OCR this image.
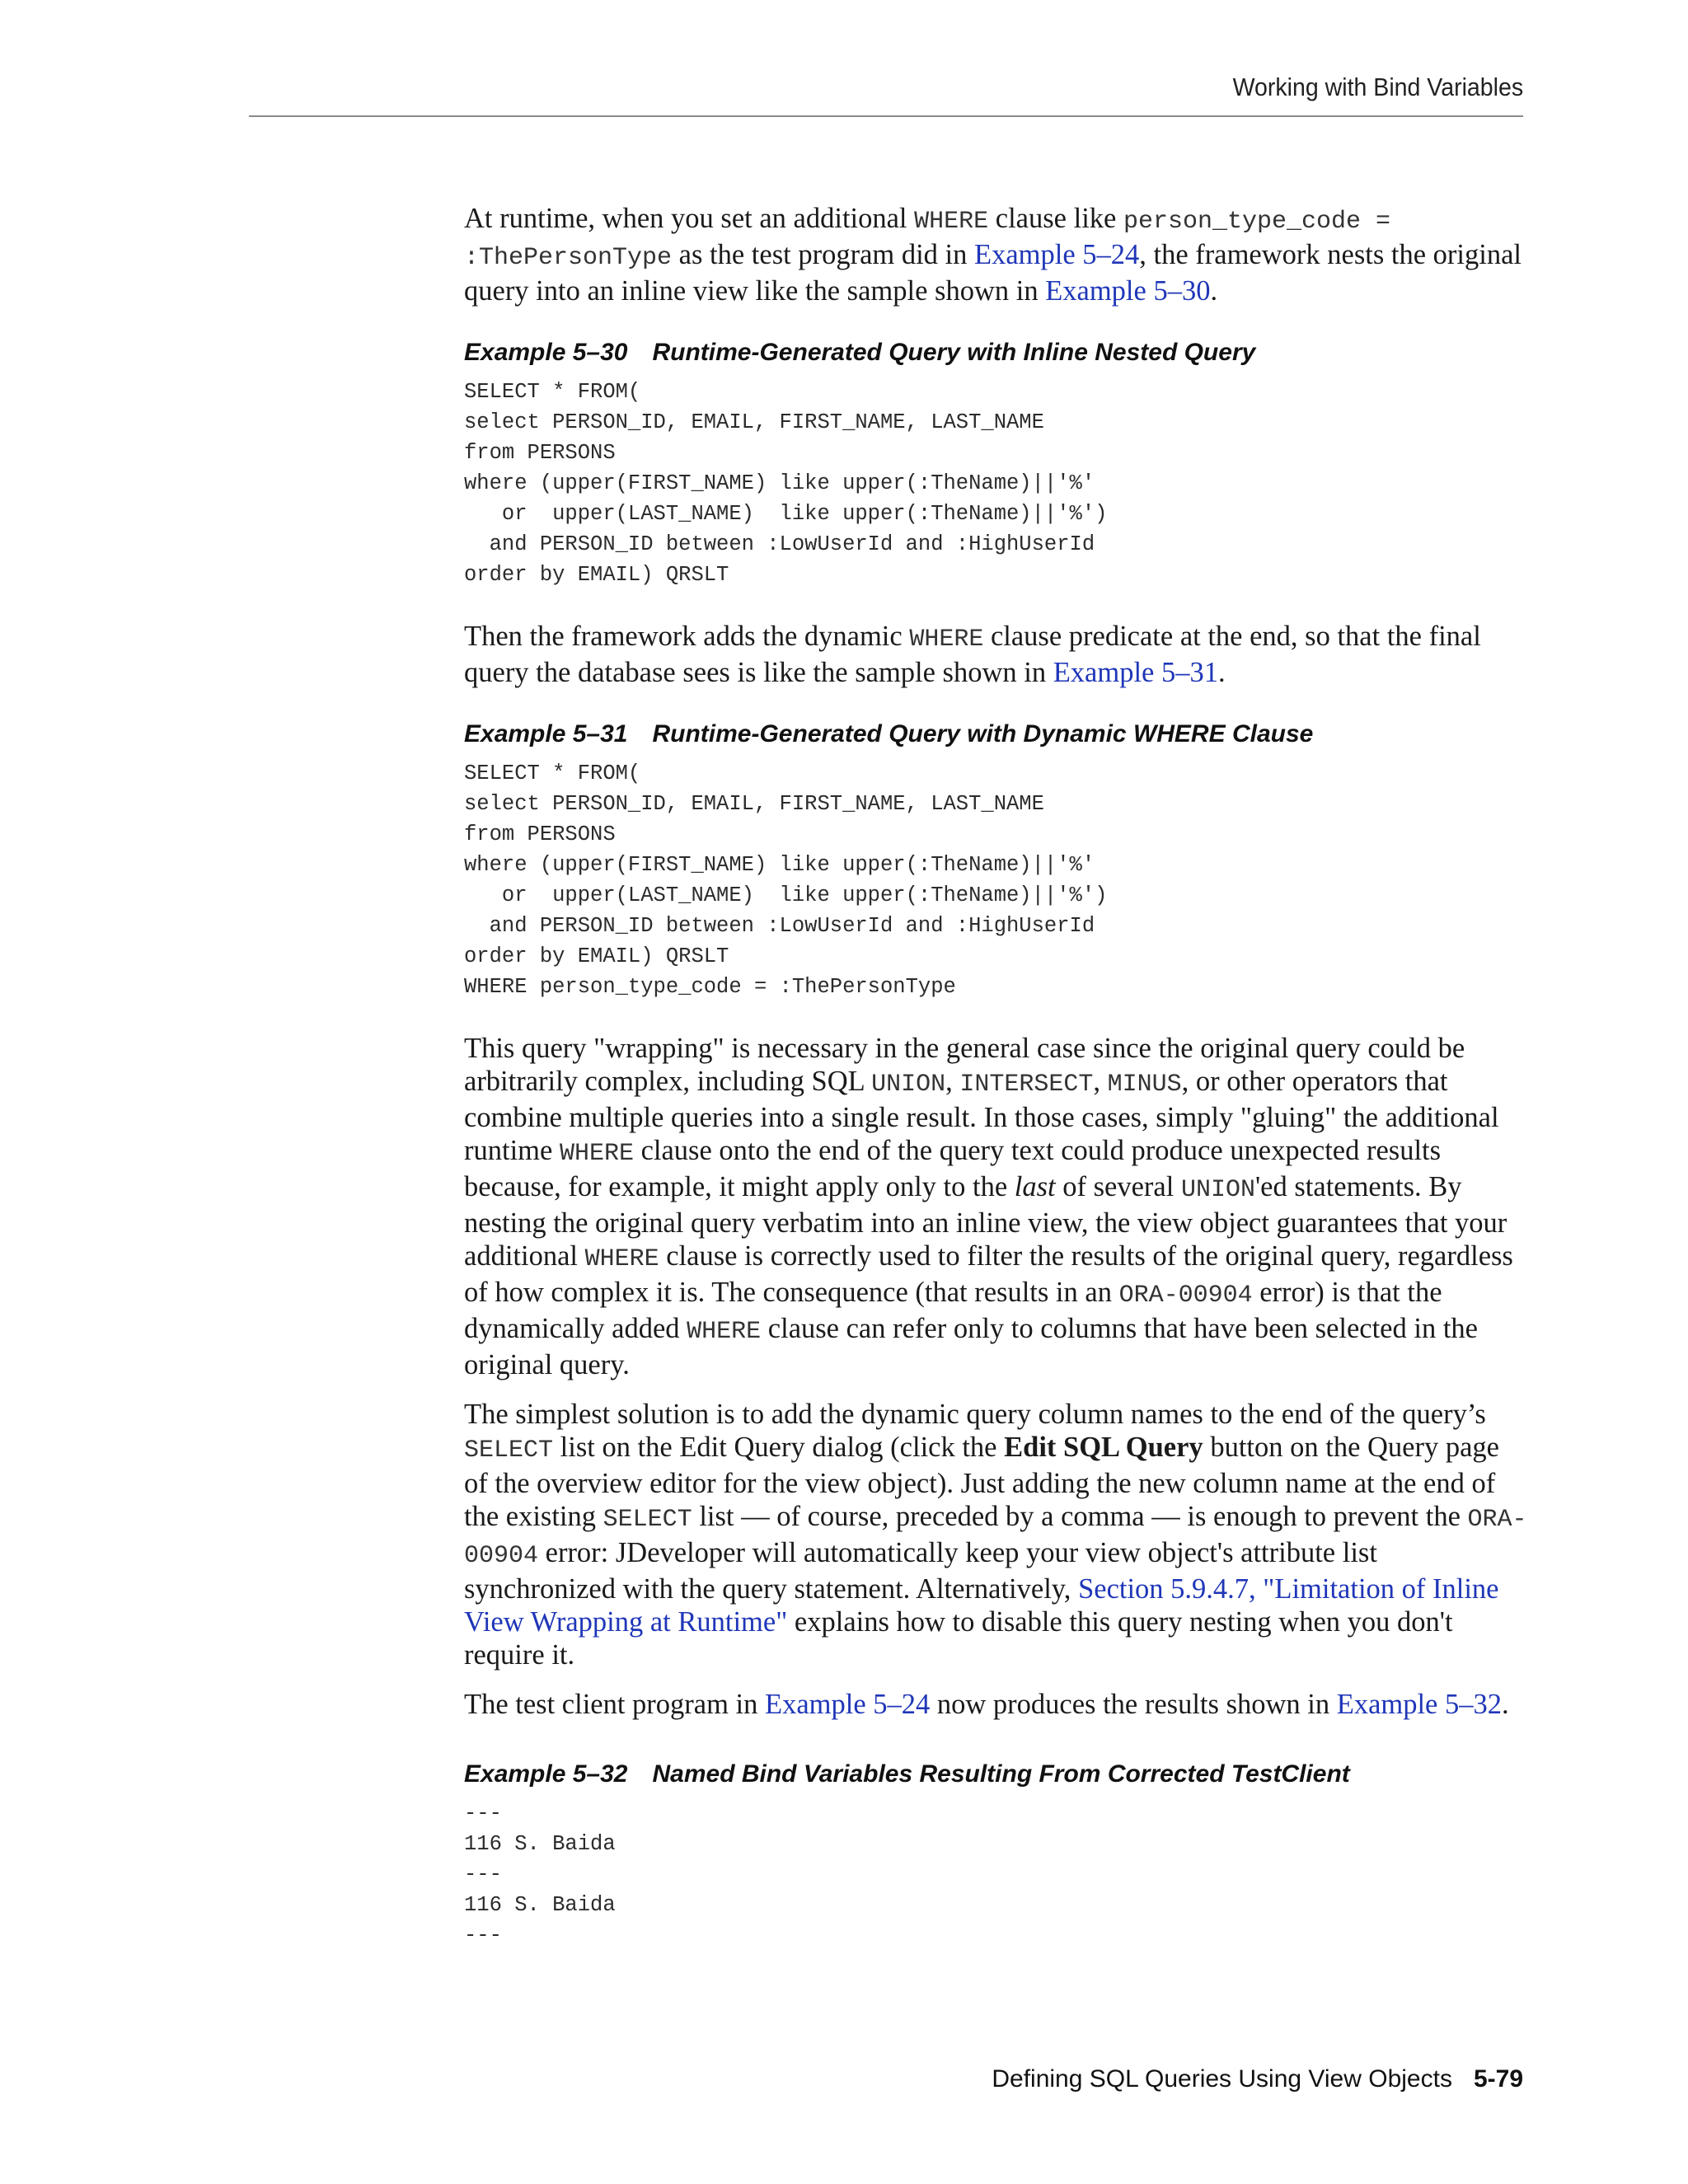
Working with Bind Variables

At runtime, when you set an additional WHERE clause like person_type_code = :ThePersonType as the test program did in Example 5–24, the framework nests the original query into an inline view like the sample shown in Example 5–30.

Example 5–30 Runtime-Generated Query with Inline Nested Query
SELECT * FROM(
select PERSON_ID, EMAIL, FIRST_NAME, LAST_NAME
from PERSONS
where (upper(FIRST_NAME) like upper(:TheName)||'%'
or  upper(LAST_NAME)  like upper(:TheName)||'%')
and PERSON_ID between :LowUserId and :HighUserId
order by EMAIL) QRSLT

Then the framework adds the dynamic WHERE clause predicate at the end, so that the final query the database sees is like the sample shown in Example 5–31.

Example 5–31 Runtime-Generated Query with Dynamic WHERE Clause
SELECT * FROM(
select PERSON_ID, EMAIL, FIRST_NAME, LAST_NAME
from PERSONS
where (upper(FIRST_NAME) like upper(:TheName)||'%'
or  upper(LAST_NAME)  like upper(:TheName)||'%')
and PERSON_ID between :LowUserId and :HighUserId
order by EMAIL) QRSLT
WHERE person_type_code = :ThePersonType

This query "wrapping" is necessary in the general case since the original query could be arbitrarily complex, including SQL UNION, INTERSECT, MINUS, or other operators that combine multiple queries into a single result. In those cases, simply "gluing" the additional runtime WHERE clause onto the end of the query text could produce unexpected results because, for example, it might apply only to the last of several UNION'ed statements. By nesting the original query verbatim into an inline view, the view object guarantees that your additional WHERE clause is correctly used to filter the results of the original query, regardless of how complex it is. The consequence (that results in an ORA-00904 error) is that the dynamically added WHERE clause can refer only to columns that have been selected in the original query.

The simplest solution is to add the dynamic query column names to the end of the query’s SELECT list on the Edit Query dialog (click the Edit SQL Query button on the Query page of the overview editor for the view object). Just adding the new column name at the end of the existing SELECT list — of course, preceded by a comma — is enough to prevent the ORA-00904 error: JDeveloper will automatically keep your view object's attribute list synchronized with the query statement. Alternatively, Section 5.9.4.7, "Limitation of Inline View Wrapping at Runtime" explains how to disable this query nesting when you don't require it.

The test client program in Example 5–24 now produces the results shown in Example 5–32.

Example 5–32 Named Bind Variables Resulting From Corrected TestClient
---
116 S. Baida
---
116 S. Baida
---
Defining SQL Queries Using View Objects 5-79
